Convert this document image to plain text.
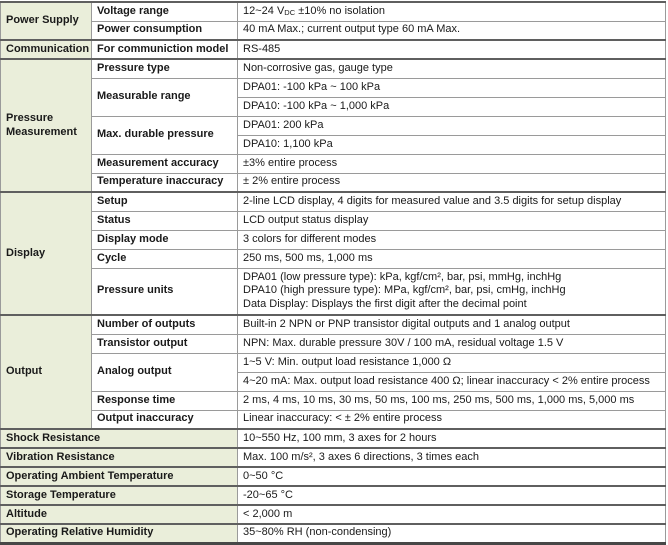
Power Supply	Voltage range	12~24 VDC ±10% no isolation
	Power consumption	40 mA Max.; current output type 60 mA Max.
Communication	For communiction model	RS-485
Pressure Measurement	Pressure type	Non-corrosive gas, gauge type
	Measurable range	DPA01: -100 kPa ~ 100 kPa
		DPA10: -100 kPa ~ 1,000 kPa
	Max. durable pressure	DPA01: 200 kPa
		DPA10: 1,100 kPa
	Measurement accuracy	±3% entire process
	Temperature inaccuracy	± 2% entire process
Display	Setup	2-line LCD display, 4 digits for measured value and 3.5 digits for setup display
	Status	LCD output status display
	Display mode	3 colors for different modes
	Cycle	250 ms, 500 ms, 1,000 ms
	Pressure units	DPA01 (low pressure type): kPa, kgf/cm², bar, psi, mmHg, inchHg
DPA10 (high pressure type): MPa, kgf/cm², bar, psi, cmHg, inchHg
Data Display: Displays the first digit after the decimal point

Output	Number of outputs	Built-in 2 NPN or PNP transistor digital outputs and 1 analog output
	Transistor output	NPN: Max. durable pressure 30V / 100 mA, residual voltage 1.5 V
	Analog output	1~5 V: Min. output load resistance 1,000 Ω
		4~20 mA: Max. output load resistance 400 Ω; linear inaccuracy < 2% entire process
	Response time	2 ms, 4 ms, 10 ms, 30 ms, 50 ms, 100 ms, 250 ms, 500 ms, 1,000 ms, 5,000 ms
	Output inaccuracy	Linear inaccuracy: < ± 2% entire process
Shock Resistance		10~550 Hz, 100 mm, 3 axes for 2 hours
Vibration Resistance		Max. 100 m/s², 3 axes 6 directions, 3 times each
Operating Ambient Temperature		0~50 °C
Storage Temperature		-20~65 °C
Altitude		< 2,000 m
Operating Relative Humidity		35~80% RH (non-condensing)
